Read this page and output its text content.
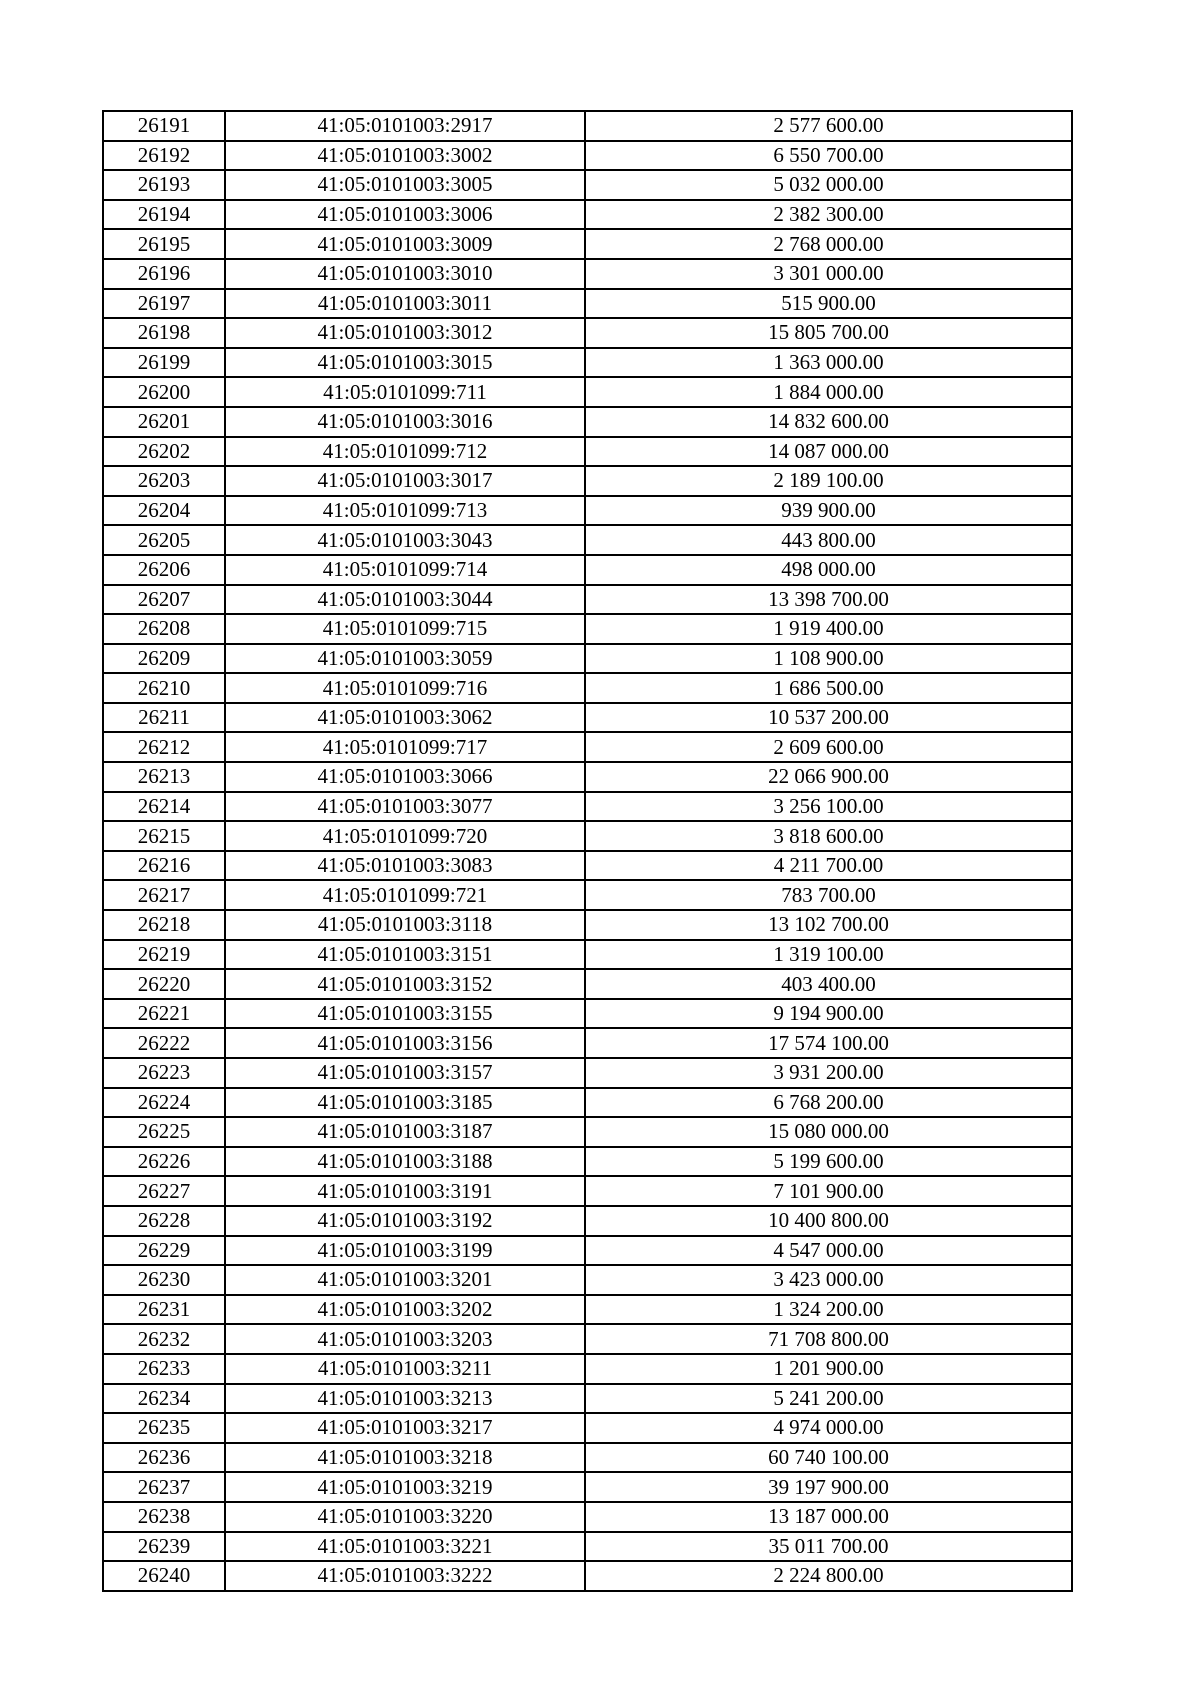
26191	41:05:0101003:2917	2 577 600.00
26192	41:05:0101003:3002	6 550 700.00
26193	41:05:0101003:3005	5 032 000.00
26194	41:05:0101003:3006	2 382 300.00
26195	41:05:0101003:3009	2 768 000.00
26196	41:05:0101003:3010	3 301 000.00
26197	41:05:0101003:3011	515 900.00
26198	41:05:0101003:3012	15 805 700.00
26199	41:05:0101003:3015	1 363 000.00
26200	41:05:0101099:711	1 884 000.00
26201	41:05:0101003:3016	14 832 600.00
26202	41:05:0101099:712	14 087 000.00
26203	41:05:0101003:3017	2 189 100.00
26204	41:05:0101099:713	939 900.00
26205	41:05:0101003:3043	443 800.00
26206	41:05:0101099:714	498 000.00
26207	41:05:0101003:3044	13 398 700.00
26208	41:05:0101099:715	1 919 400.00
26209	41:05:0101003:3059	1 108 900.00
26210	41:05:0101099:716	1 686 500.00
26211	41:05:0101003:3062	10 537 200.00
26212	41:05:0101099:717	2 609 600.00
26213	41:05:0101003:3066	22 066 900.00
26214	41:05:0101003:3077	3 256 100.00
26215	41:05:0101099:720	3 818 600.00
26216	41:05:0101003:3083	4 211 700.00
26217	41:05:0101099:721	783 700.00
26218	41:05:0101003:3118	13 102 700.00
26219	41:05:0101003:3151	1 319 100.00
26220	41:05:0101003:3152	403 400.00
26221	41:05:0101003:3155	9 194 900.00
26222	41:05:0101003:3156	17 574 100.00
26223	41:05:0101003:3157	3 931 200.00
26224	41:05:0101003:3185	6 768 200.00
26225	41:05:0101003:3187	15 080 000.00
26226	41:05:0101003:3188	5 199 600.00
26227	41:05:0101003:3191	7 101 900.00
26228	41:05:0101003:3192	10 400 800.00
26229	41:05:0101003:3199	4 547 000.00
26230	41:05:0101003:3201	3 423 000.00
26231	41:05:0101003:3202	1 324 200.00
26232	41:05:0101003:3203	71 708 800.00
26233	41:05:0101003:3211	1 201 900.00
26234	41:05:0101003:3213	5 241 200.00
26235	41:05:0101003:3217	4 974 000.00
26236	41:05:0101003:3218	60 740 100.00
26237	41:05:0101003:3219	39 197 900.00
26238	41:05:0101003:3220	13 187 000.00
26239	41:05:0101003:3221	35 011 700.00
26240	41:05:0101003:3222	2 224 800.00
